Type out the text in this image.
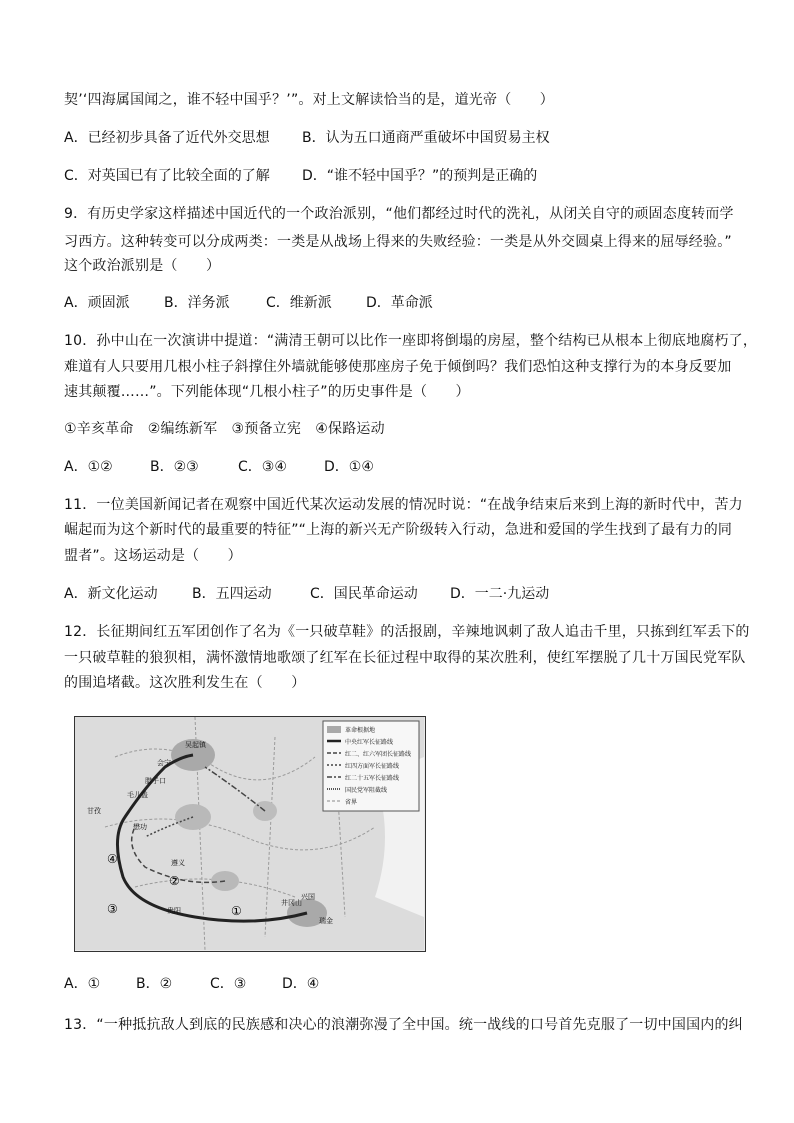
契’‘四海属国闻之，谁不轻中国乎？’”。对上文解读恰当的是，道光帝（　　）
A．已经初步具备了近代外交思想 B．认为五口通商严重破坏中国贸易主权
C．对英国已有了比较全面的了解 D．“谁不轻中国乎？”的预判是正确的
9．有历史学家这样描述中国近代的一个政治派别，“他们都经过时代的洗礼，从闭关自守的顽固态度转而学
习西方。这种转变可以分成两类：一类是从战场上得来的失败经验：一类是从外交圆桌上得来的屈辱经验。”
这个政治派别是（　　）
A．顽固派 B．洋务派	C．维新派 D．革命派
10．孙中山在一次演讲中提道：“满清王朝可以比作一座即将倒塌的房屋，整个结构已从根本上彻底地腐朽了，
难道有人只要用几根小柱子斜撑住外墙就能够使那座房子免于倾倒吗？我们恐怕这种支撑行为的本身反要加
速其颠覆……”。下列能体现“几根小柱子”的历史事件是（　　）
①辛亥革命　②编练新军　③预备立宪　④保路运动
A．①②	B．②③	C．③④	D．①④
11．一位美国新闻记者在观察中国近代某次运动发展的情况时说：“在战争结束后来到上海的新时代中，苦力
崛起而为这个新时代的最重要的特征”“上海的新兴无产阶级转入行动，急进和爱国的学生找到了最有力的同
盟者”。这场运动是（　　）
A．新文化运动 B．五四运动	C．国民革命运动 D．一二·九运动
12．长征期间红五军团创作了名为《一只破草鞋》的活报剧，辛辣地讽刺了敌人追击千里，只拣到红军丢下的
一只破草鞋的狼狈相，满怀激情地歌颂了红军在长征过程中取得的某次胜利，使红军摆脱了几十万国民党军队
的围追堵截。这次胜利发生在（　　）
革命根据地
中央红军长征路线
红二、红六军团长征路线
红四方面军长征路线
红二十五军长征路线
国民党军阻截线
省界
吴起镇
会宁
腊子口
毛儿盖
甘孜
懋功
遵义
贵阳
瑞金
井冈山
兴国
①
②
③
④
A．①	B．②	C．③	D．④
13．“一种抵抗敌人到底的民族感和决心的浪潮弥漫了全中国。统一战线的口号首先克服了一切中国国内的纠
